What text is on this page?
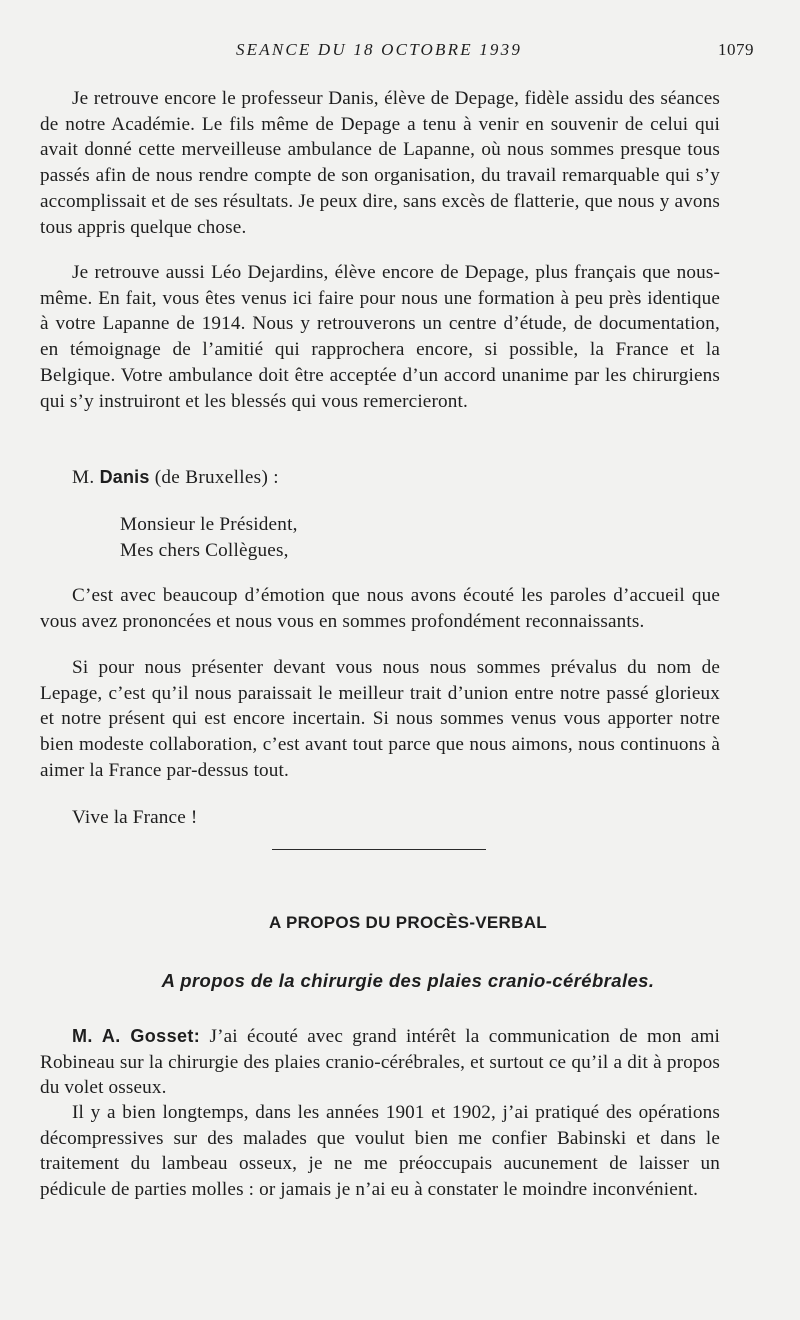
SEANCE DU 18 OCTOBRE 1939	1079

Je retrouve encore le professeur Danis, élève de Depage, fidèle assidu des séances de notre Académie. Le fils même de Depage a tenu à venir en souvenir de celui qui avait donné cette merveilleuse ambulance de Lapanne, où nous sommes presque tous passés afin de nous rendre compte de son organisation, du travail remarquable qui s’y accomplissait et de ses résultats. Je peux dire, sans excès de flatterie, que nous y avons tous appris quelque chose.

Je retrouve aussi Léo Dejardins, élève encore de Depage, plus français que nous-même. En fait, vous êtes venus ici faire pour nous une formation à peu près identique à votre Lapanne de 1914. Nous y retrouverons un centre d’étude, de documentation, en témoignage de l’amitié qui rapprochera encore, si possible, la France et la Belgique. Votre ambulance doit être acceptée d’un accord unanime par les chirurgiens qui s’y instruiront et les blessés qui vous remercieront.

M. Danis (de Bruxelles) :

Monsieur le Président,

Mes chers Collègues,

C’est avec beaucoup d’émotion que nous avons écouté les paroles d’accueil que vous avez prononcées et nous vous en sommes profondément reconnaissants.

Si pour nous présenter devant vous nous nous sommes prévalus du nom de Lepage, c’est qu’il nous paraissait le meilleur trait d’union entre notre passé glorieux et notre présent qui est encore incertain. Si nous sommes venus vous apporter notre bien modeste collaboration, c’est avant tout parce que nous aimons, nous continuons à aimer la France par-dessus tout.

Vive la France !

A PROPOS DU PROCÈS-VERBAL
A propos de la chirurgie des plaies cranio-cérébrales.

M. A. Gosset: J’ai écouté avec grand intérêt la communication de mon ami Robineau sur la chirurgie des plaies cranio-cérébrales, et surtout ce qu’il a dit à propos du volet osseux.

Il y a bien longtemps, dans les années 1901 et 1902, j’ai pratiqué des opérations décompressives sur des malades que voulut bien me confier Babinski et dans le traitement du lambeau osseux, je ne me préoccupais aucunement de laisser un pédicule de parties molles : or jamais je n’ai eu à constater le moindre inconvénient.
